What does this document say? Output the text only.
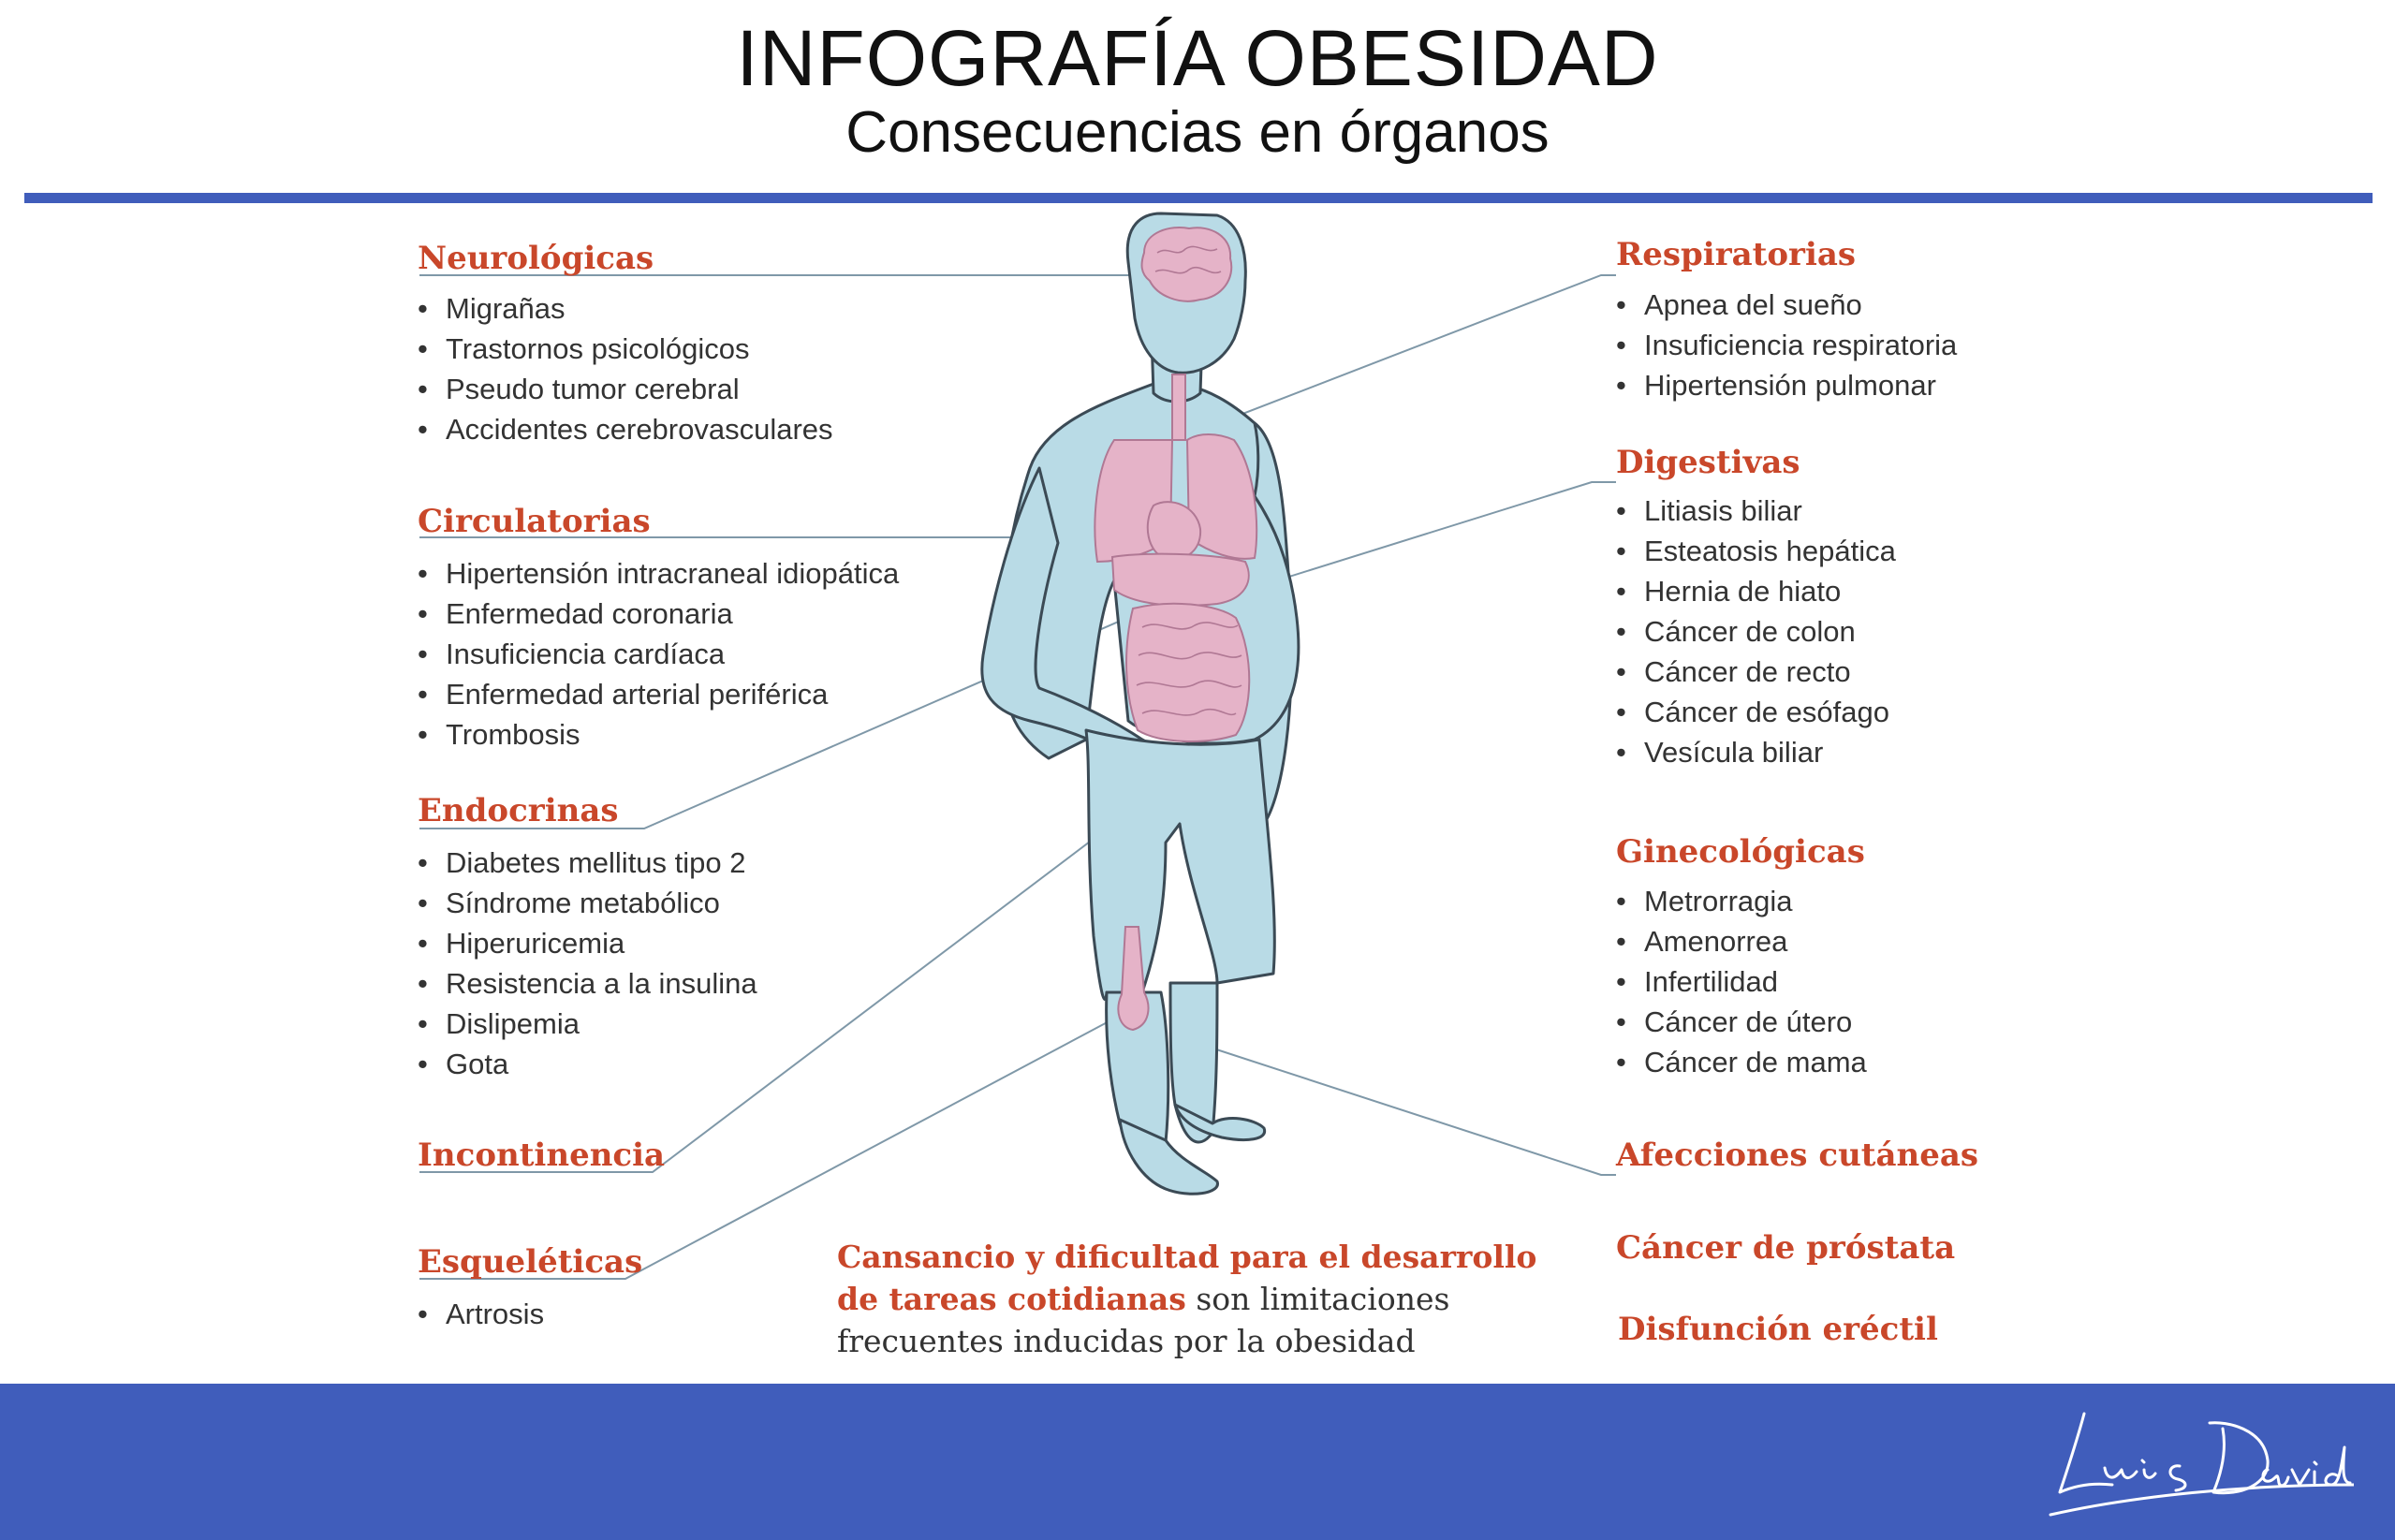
INFOGRAFÍA OBESIDAD
Consecuencias en órganos
Neurológicas
• Migrañas
• Trastornos psicológicos
• Pseudo tumor cerebral
• Accidentes cerebrovasculares
Circulatorias
• Hipertensión intracraneal idiopática
• Enfermedad coronaria
• Insuficiencia cardíaca
• Enfermedad arterial periférica
• Trombosis
Endocrinas
• Diabetes mellitus tipo 2
• Síndrome metabólico
• Hiperuricemia
• Resistencia a la insulina
• Dislipemia
• Gota
Incontinencia
Esqueléticas
• Artrosis
Respiratorias
• Apnea del sueño
• Insuficiencia respiratoria
• Hipertensión pulmonar
Digestivas
• Litiasis biliar
• Esteatosis hepática
• Hernia de hiato
• Cáncer de colon
• Cáncer de recto
• Cáncer de esófago
• Vesícula biliar
Ginecológicas
• Metrorragia
• Amenorrea
• Infertilidad
• Cáncer de útero
• Cáncer de mama
Afecciones cutáneas
Cáncer de próstata
Disfunción eréctil
Cansancio y dificultad para el desarrollo de tareas cotidianas son limitaciones frecuentes inducidas por la obesidad
